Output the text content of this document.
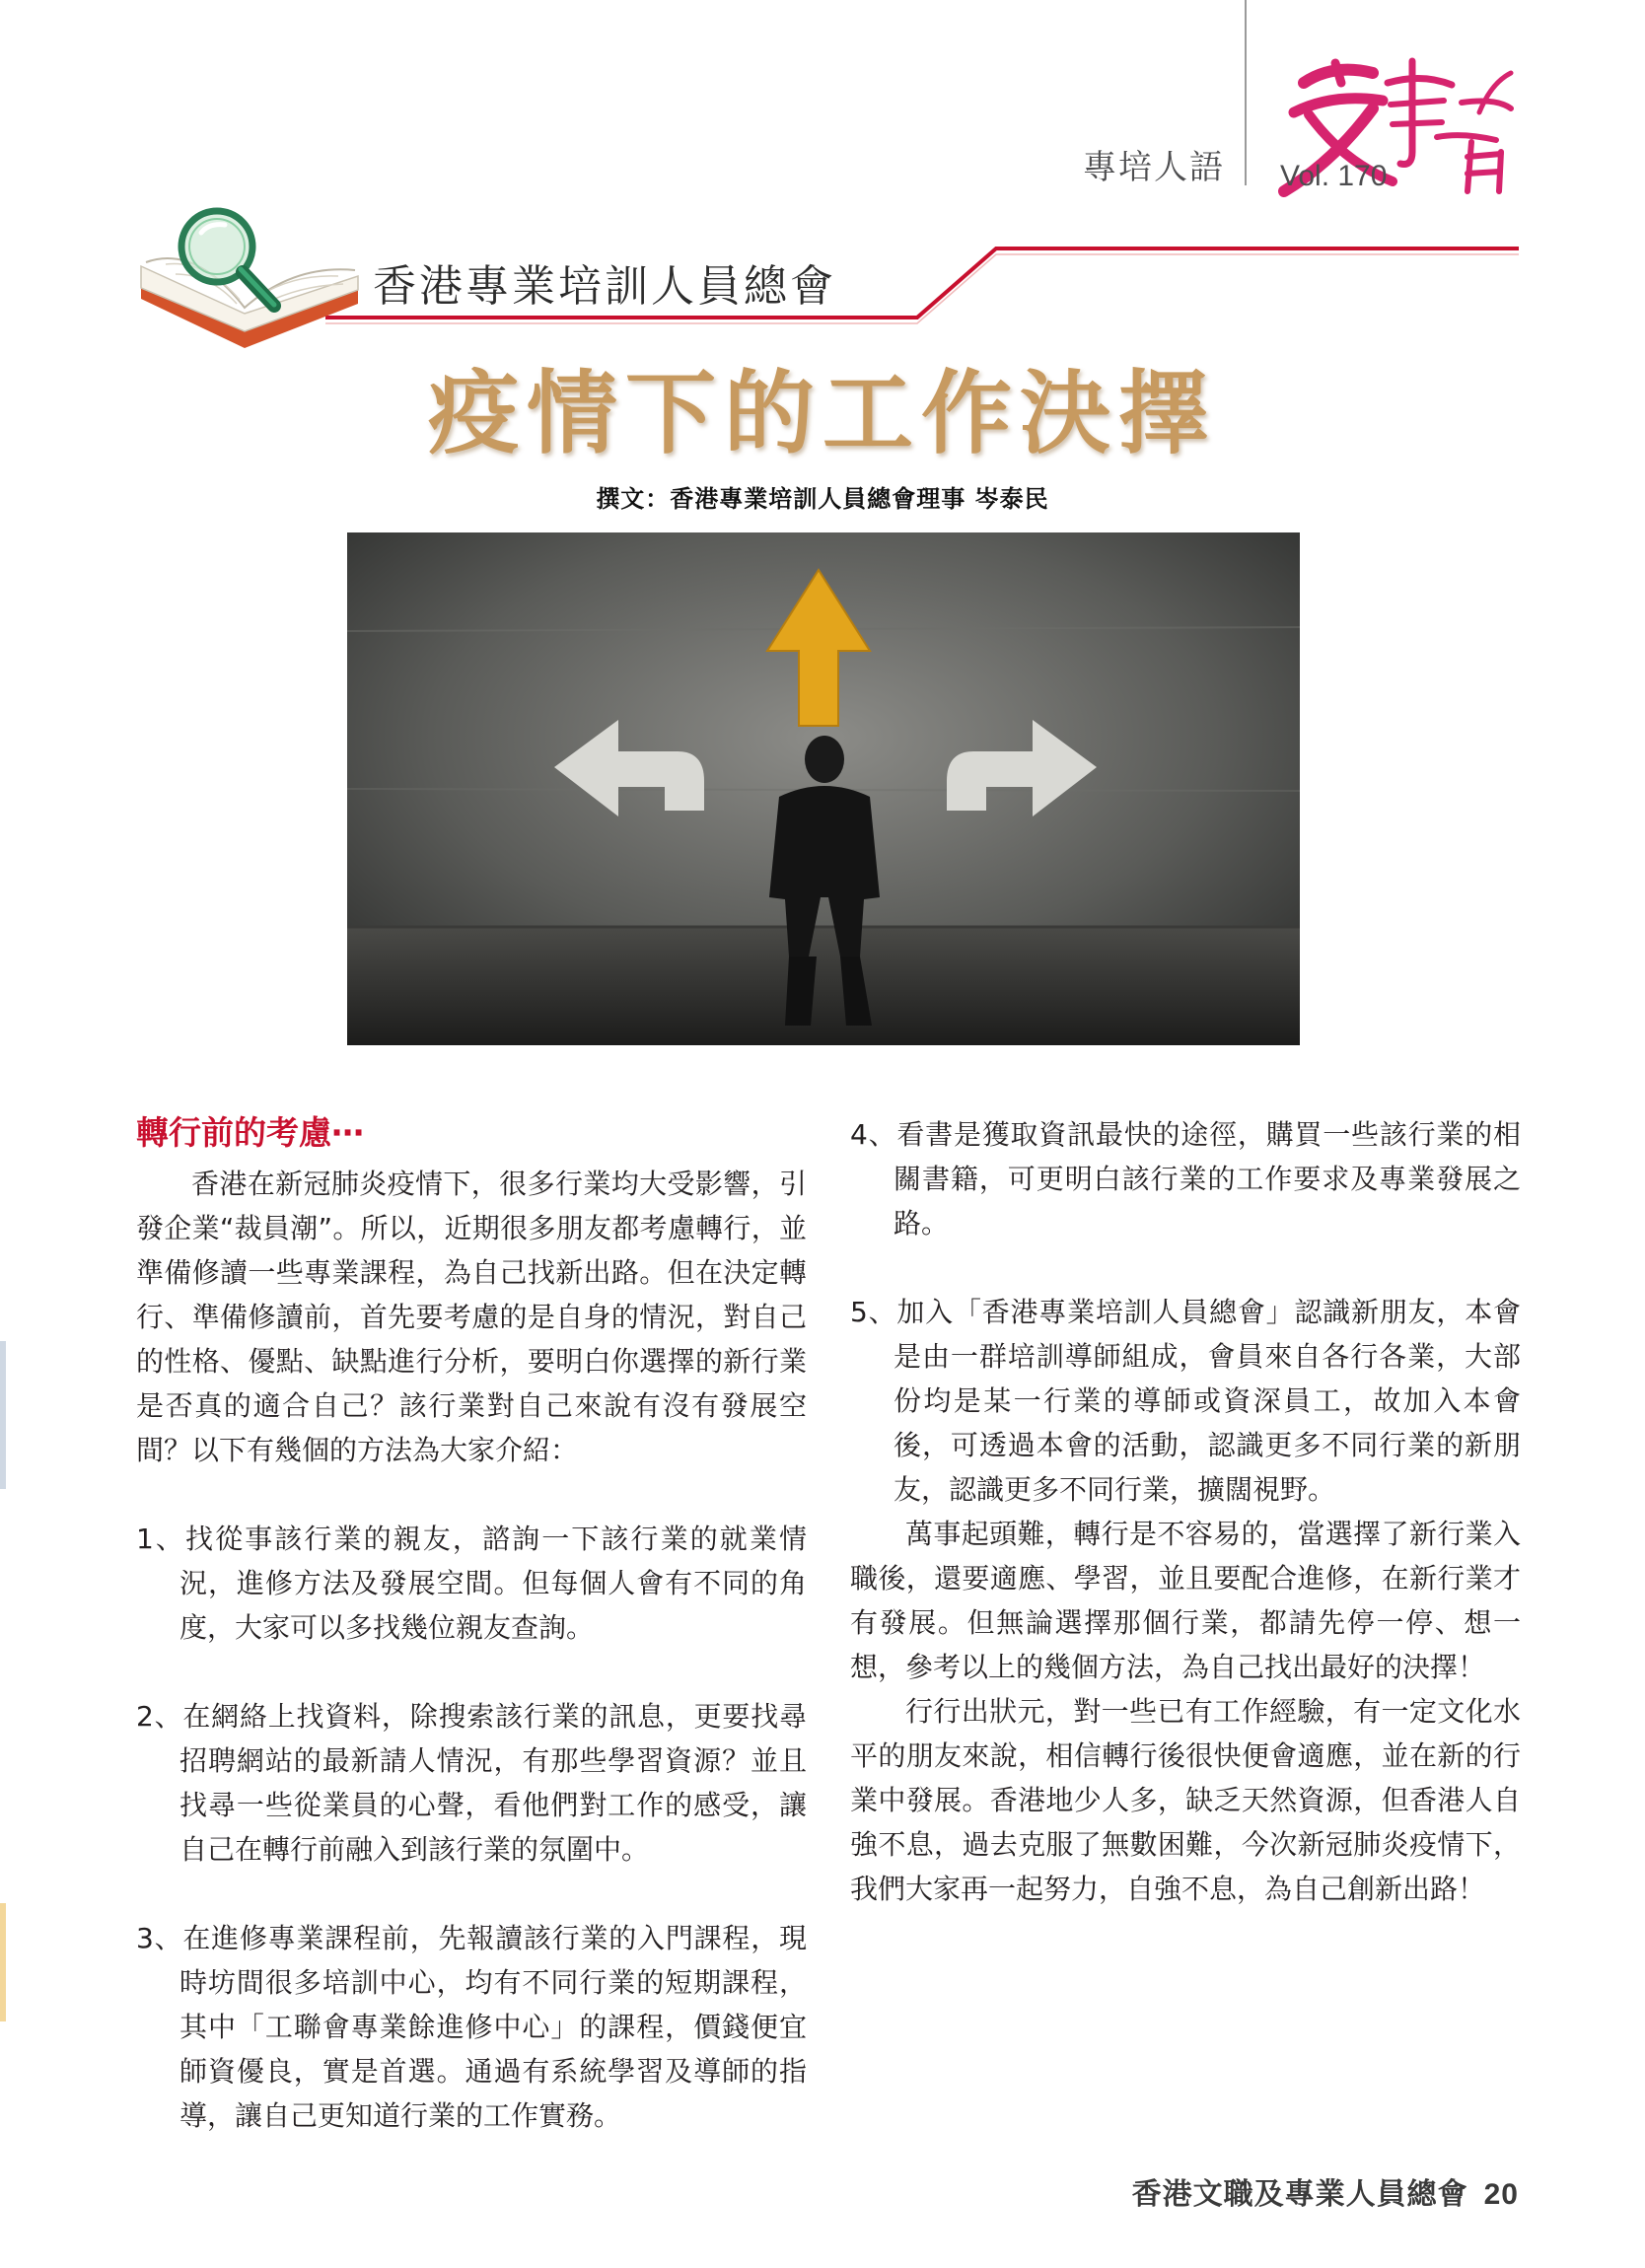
專培人語 Vol. 170
香港專業培訓人員總會
疫情下的工作決擇
撰文：香港專業培訓人員總會理事 岑泰民
轉行前的考慮⋯

香港在新冠肺炎疫情下，很多行業均大受影響，引發企業“裁員潮”。所以，近期很多朋友都考慮轉行，並準備修讀一些專業課程，為自己找新出路。但在決定轉行、準備修讀前，首先要考慮的是自身的情況，對自己的性格、優點、缺點進行分析，要明白你選擇的新行業是否真的適合自己？該行業對自己來說有沒有發展空間？以下有幾個的方法為大家介紹：

1、找從事該行業的親友，諮詢一下該行業的就業情況，進修方法及發展空間。但每個人會有不同的角度，大家可以多找幾位親友查詢。

2、在網絡上找資料，除搜索該行業的訊息，更要找尋招聘網站的最新請人情況，有那些學習資源？並且找尋一些從業員的心聲，看他們對工作的感受，讓自己在轉行前融入到該行業的氛圍中。

3、在進修專業課程前，先報讀該行業的入門課程，現時坊間很多培訓中心，均有不同行業的短期課程，其中「工聯會專業餘進修中心」的課程，價錢便宜師資優良，實是首選。通過有系統學習及導師的指導，讓自己更知道行業的工作實務。

4、看書是獲取資訊最快的途徑，購買一些該行業的相關書籍，可更明白該行業的工作要求及專業發展之路。

5、加入「香港專業培訓人員總會」認識新朋友，本會是由一群培訓導師組成，會員來自各行各業，大部份均是某一行業的導師或資深員工，故加入本會後，可透過本會的活動，認識更多不同行業的新朋友，認識更多不同行業，擴闊視野。

萬事起頭難，轉行是不容易的，當選擇了新行業入職後，還要適應、學習，並且要配合進修，在新行業才有發展。但無論選擇那個行業，都請先停一停、想一想，參考以上的幾個方法，為自己找出最好的決擇！

行行出狀元，對一些已有工作經驗，有一定文化水平的朋友來說，相信轉行後很快便會適應，並在新的行業中發展。香港地少人多，缺乏天然資源，但香港人自強不息，過去克服了無數困難，今次新冠肺炎疫情下，我們大家再一起努力，自強不息，為自己創新出路！

香港文職及專業人員總會 20
